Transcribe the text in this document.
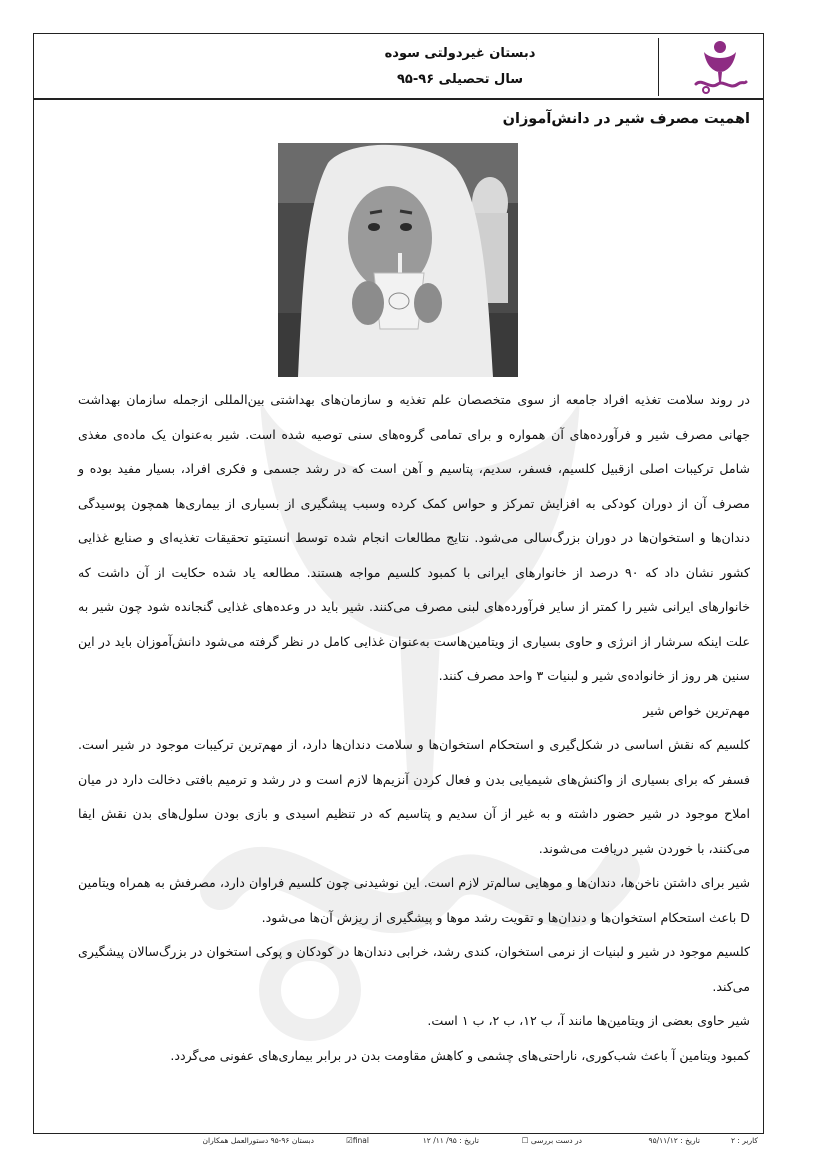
دبستان غیردولتی سوده
سال تحصیلی ۹۶-۹۵
اهمیت مصرف شیر در دانش‌آموزان

در روند سلامت تغذیه افراد جامعه از سوی متخصصان علم تغذیه و سازمان‌های بهداشتی بین‌المللی ازجمله سازمان بهداشت جهانی مصرف شیر و فرآورده‌های آن همواره و برای تمامی گروه‌های سنی توصیه شده است. شیر به‌عنوان یک ماده‌ی مغذی شامل ترکیبات اصلی ازقبیل کلسیم، فسفر، سدیم، پتاسیم و آهن است که در رشد جسمی و فکری افراد، بسیار مفید بوده و مصرف آن از دوران کودکی به افزایش تمرکز و حواس کمک کرده وسبب پیشگیری از بسیاری از بیماری‌ها همچون پوسیدگی دندان‌ها و استخوان‌ها در دوران بزرگ‌سالی می‌شود. نتایج مطالعات انجام شده توسط انستیتو تحقیقات تغذیه‌ای و صنایع غذایی کشور نشان داد که ۹۰ درصد از خانوارهای ایرانی با کمبود کلسیم مواجه هستند. مطالعه یاد شده حکایت از آن داشت که خانوارهای ایرانی شیر را کمتر از سایر فرآورده‌های لبنی مصرف می‌کنند. شیر باید در وعده‌های غذایی گنجانده شود چون شیر به علت اینکه سرشار از انرژی و حاوی بسیاری از ویتامین‌هاست به‌عنوان غذایی کامل در نظر گرفته می‌شود دانش‌آموزان باید در این سنین هر روز از خانواده‌ی شیر و لبنیات ۳ واحد مصرف کنند.

مهم‌ترین خواص شیر

کلسیم که نقش اساسی در شکل‌گیری و استحکام استخوان‌ها و سلامت دندان‌ها دارد، از مهم‌ترین ترکیبات موجود در شیر است. فسفر که برای بسیاری از واکنش‌های شیمیایی بدن و فعال کردن آنزیم‌ها لازم است و در رشد و ترمیم بافتی دخالت دارد در میان املاح موجود در شیر حضور داشته و به غیر از آن سدیم و پتاسیم که در تنظیم اسیدی و بازی بودن سلول‌های بدن نقش ایفا می‌کنند، با خوردن شیر دریافت می‌شوند.

شیر برای داشتن ناخن‌ها، دندان‌ها و موهایی سالم‌تر لازم است. این نوشیدنی چون کلسیم فراوان دارد، مصرفش به همراه ویتامین D باعث استحکام استخوان‌ها و دندان‌ها و تقویت رشد موها و پیشگیری از ریزش آن‌ها می‌شود.

کلسیم موجود در شیر و لبنیات از نرمی استخوان، کندی رشد، خرابی دندان‌ها در کودکان و پوکی استخوان در بزرگ‌سالان پیشگیری می‌کند.

شیر حاوی بعضی از ویتامین‌ها مانند آ، ب ۱۲، ب ۲، ب ۱ است.

کمبود ویتامین آ باعث شب‌کوری، ناراحتی‌های چشمی و کاهش مقاومت بدن در برابر بیماری‌های عفونی می‌گردد.

کاربر : ۲
تاریخ : ۹۵/۱۱/۱۲
در دست بررسی ☐
تاریخ : ۹۵/ ۱۱/ ۱۲
final☑
دبستان ۹۶-۹۵ دستورالعمل همکاران
